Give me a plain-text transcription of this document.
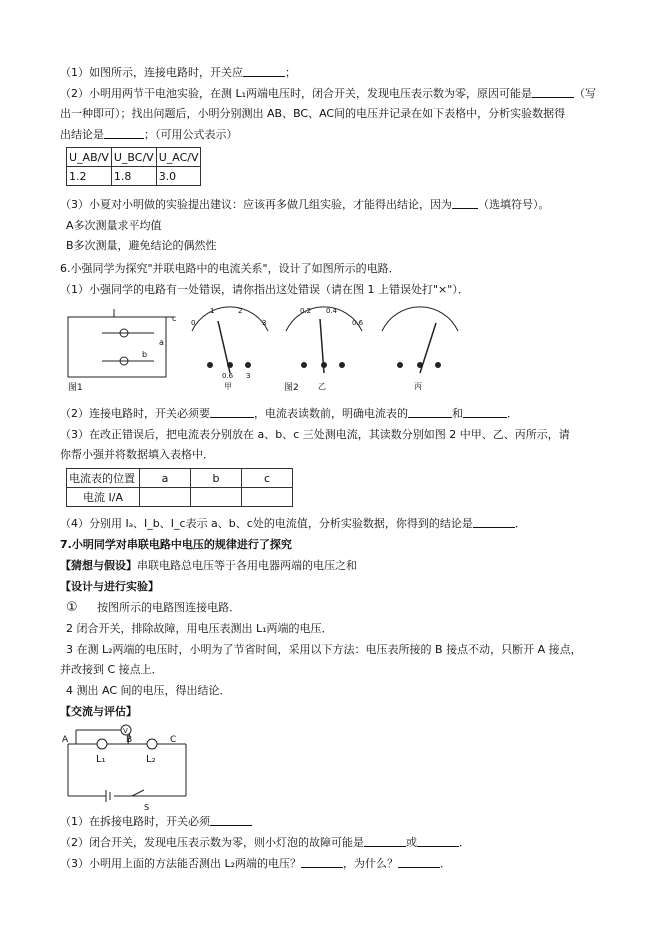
（1）如图所示，连接电路时，开关应	；
（2）小明用两节干电池实验，在测 L₁两端电压时，闭合开关，发现电压表示数为零，原因可能是	（写
出一种即可）；找出问题后，小明分别测出 AB、BC、AC间的电压并记录在如下表格中，分析实验数据得
出结论是	；（可用公式表示）
U_AB/V	U_BC/V	U_AC/V
1.2	1.8	3.0
（3）小夏对小明做的实验提出建议：应该再多做几组实验，才能得出结论，因为 （选填符号）。
A多次测量求平均值
B多次测量，避免结论的偶然性
6.小强同学为探究"并联电路中的电流关系"，设计了如图所示的电路．
（1）小强同学的电路有一处错误，请你指出这处错误（请在图 1 上错误处打"×"）．
图1
a
b
c
甲
0.6 3
0
1	2
3
图2 乙
0.2 0.4
0.6
丙
（2）连接电路时，开关必须要	，电流表读数前，明确电流表的	和	．
（3）在改正错误后，把电流表分别放在 a、b、c 三处测电流，其读数分别如图 2 中甲、乙、丙所示，请
你帮小强并将数据填入表格中．
电流表的位置	a	b	c
电流 I/A			
（4）分别用 Iₐ、I_b、I_c表示 a、b、c处的电流值，分析实验数据，你得到的结论是	．
7.小明同学对串联电路中电压的规律进行了探究
【猜想与假设】串联电路总电压等于各用电器两端的电压之和
【设计与进行实验】
① 按图所示的电路图连接电路．
2 闭合开关，排除故障，用电压表测出 L₁两端的电压．
3 在测 L₂两端的电压时，小明为了节省时间，采用以下方法：电压表所接的 B 接点不动，只断开 A 接点，
并改接到 C 接点上．
4 测出 AC 间的电压，得出结论．
【交流与评估】
A	B	C
V
L₁	L₂
S
（1）在拆接电路时，开关必须
（2）闭合开关，发现电压表示数为零，则小灯泡的故障可能是	或	．
（3）小明用上面的方法能否测出 L₂两端的电压？	，为什么？	．
